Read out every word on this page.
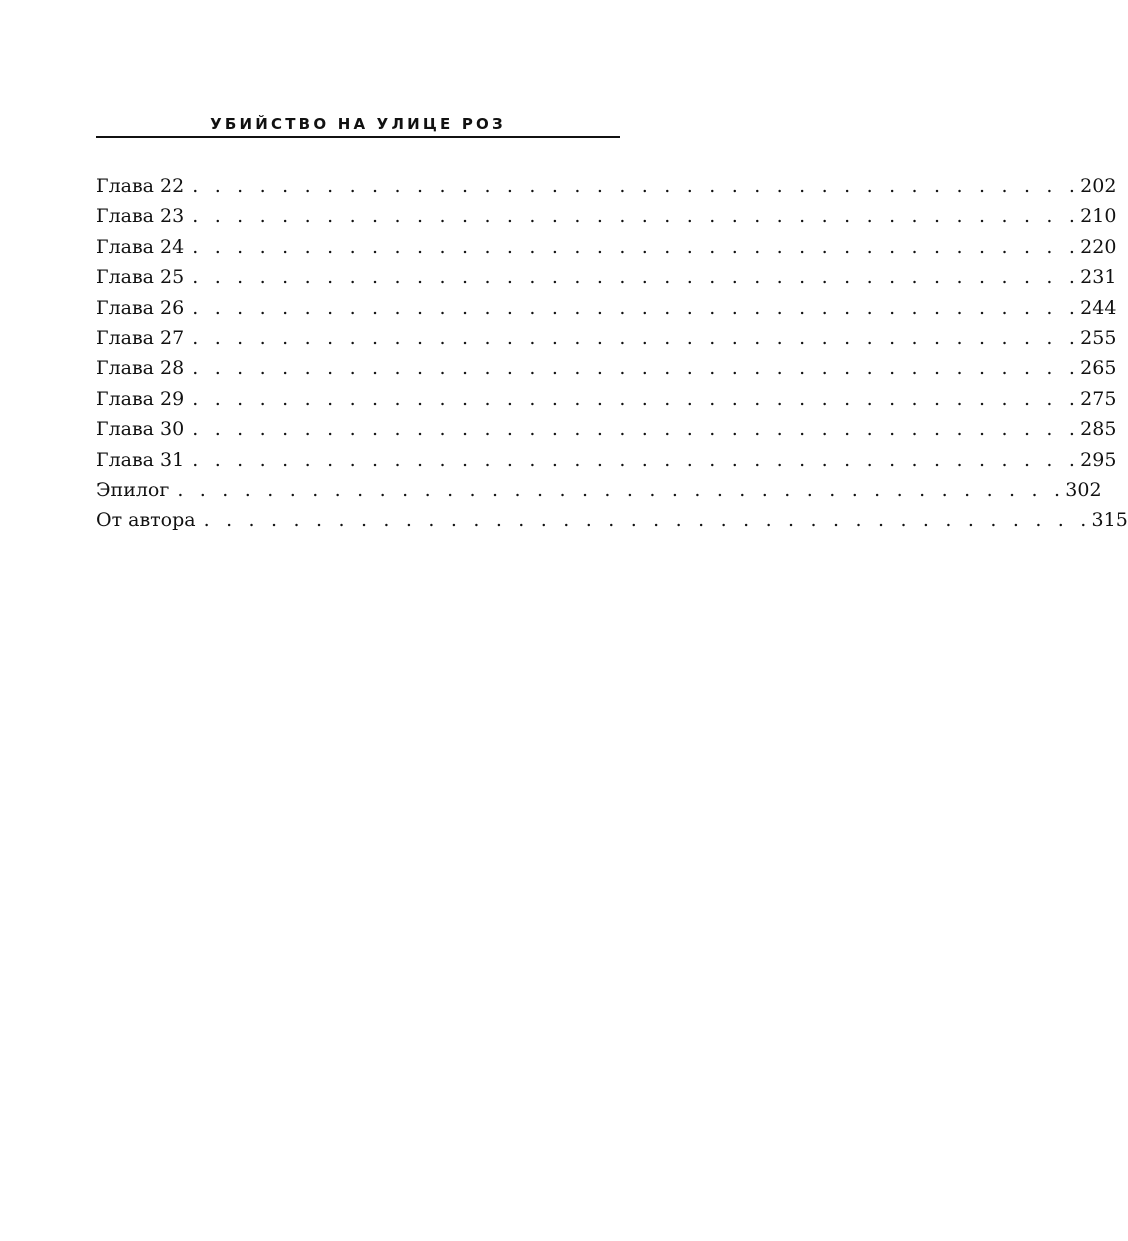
УБИЙСТВО НА УЛИЦЕ РОЗ
Глава 22 . . . . . . . . . . . . . . . . . . . . . . . . . . . . . . . . . . . . . . . . 202
Глава 23 . . . . . . . . . . . . . . . . . . . . . . . . . . . . . . . . . . . . . . . . 210
Глава 24 . . . . . . . . . . . . . . . . . . . . . . . . . . . . . . . . . . . . . . . . 220
Глава 25 . . . . . . . . . . . . . . . . . . . . . . . . . . . . . . . . . . . . . . . . 231
Глава 26 . . . . . . . . . . . . . . . . . . . . . . . . . . . . . . . . . . . . . . . . 244
Глава 27 . . . . . . . . . . . . . . . . . . . . . . . . . . . . . . . . . . . . . . . . 255
Глава 28 . . . . . . . . . . . . . . . . . . . . . . . . . . . . . . . . . . . . . . . . 265
Глава 29 . . . . . . . . . . . . . . . . . . . . . . . . . . . . . . . . . . . . . . . . 275
Глава 30 . . . . . . . . . . . . . . . . . . . . . . . . . . . . . . . . . . . . . . . . 285
Глава 31 . . . . . . . . . . . . . . . . . . . . . . . . . . . . . . . . . . . . . . . . 295
Эпилог . . . . . . . . . . . . . . . . . . . . . . . . . . . . . . . . . . . . . . . . 302
От автора . . . . . . . . . . . . . . . . . . . . . . . . . . . . . . . . . . . . . . . . 315
